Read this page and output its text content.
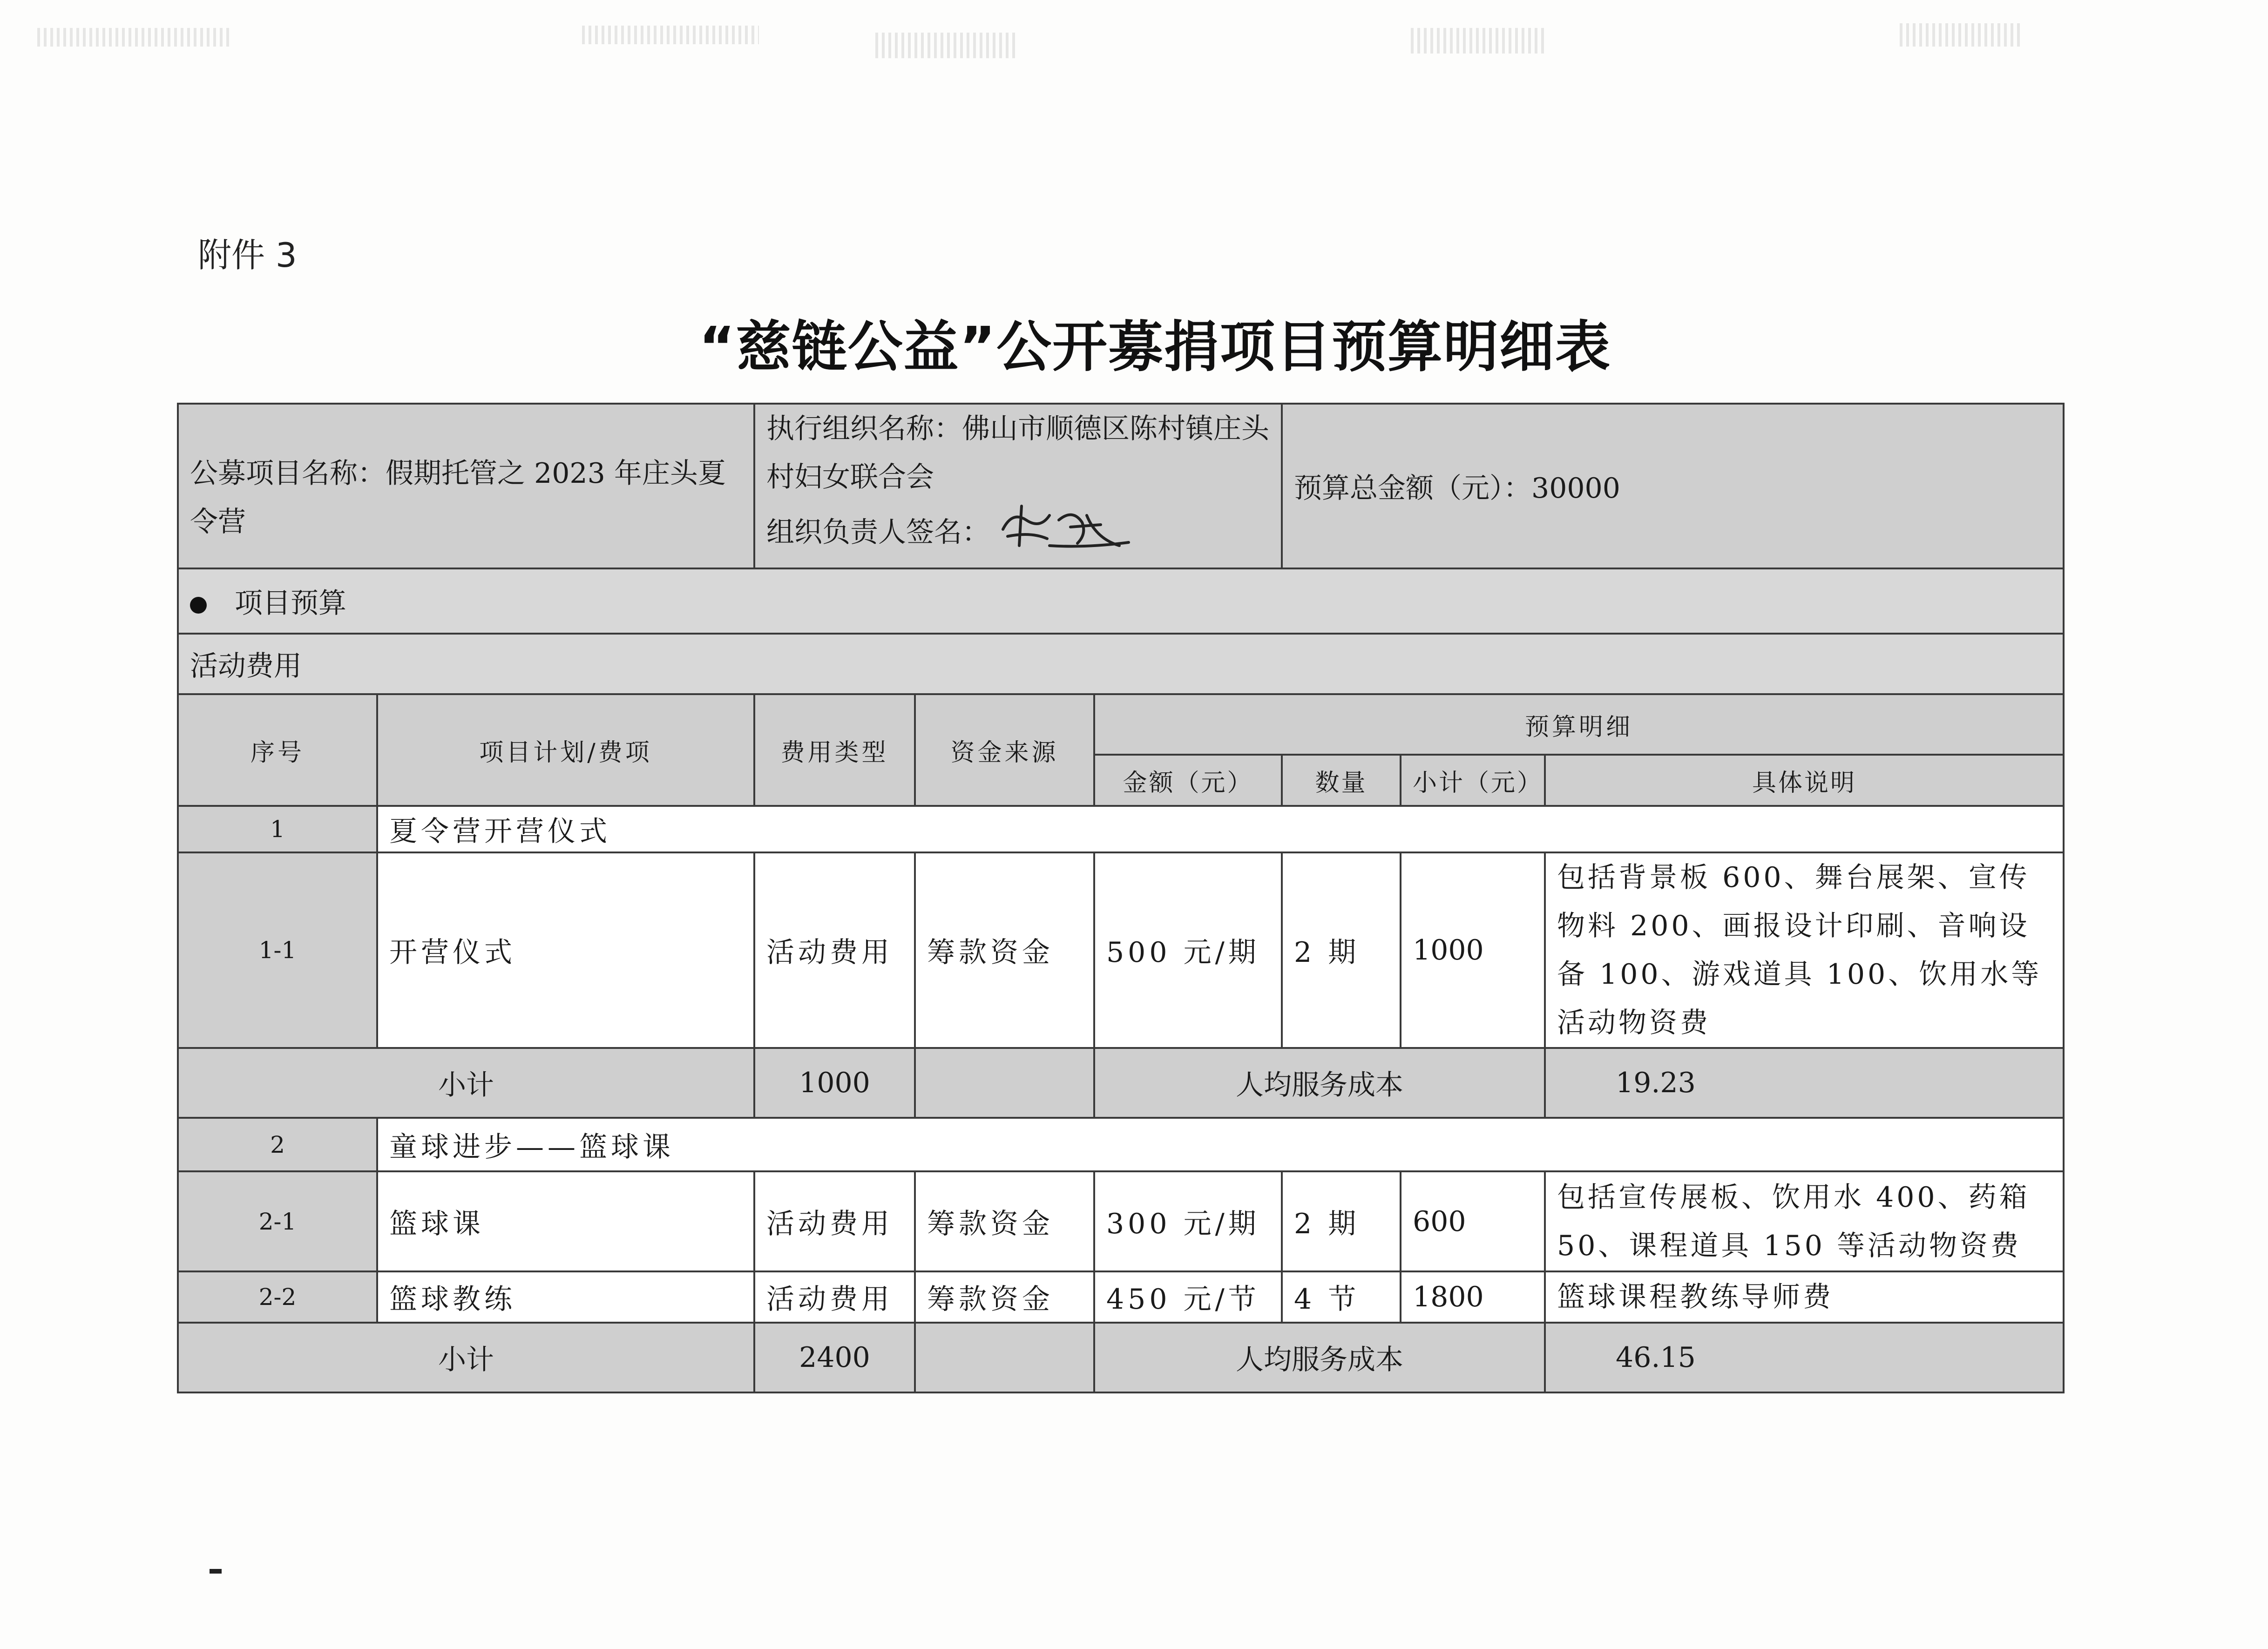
附件 3
“慈链公益”公开募捐项目预算明细表
公募项目名称：假期托管之 2023 年庄头夏令营		执行组织名称：佛山市顺德区陈村镇庄头村妇女联合会
组织负责人签名：			预算总金额（元）：30000		
项目预算							
活动费用							
序号	项目计划/费项	费用类型	资金来源	预算明细			
				金额（元）	数量	小计（元）	具体说明
1	夏令营开营仪式						
1-1	开营仪式	活动费用	筹款资金	500 元/期	2 期	1000	包括背景板 600、舞台展架、宣传物料 200、画报设计印刷、音响设备 100、游戏道具 100、饮用水等活动物资费
小计		1000		人均服务成本			19.23
2	童球进步——篮球课						
2-1	篮球课	活动费用	筹款资金	300 元/期	2 期	600	包括宣传展板、饮用水 400、药箱 50、课程道具 150 等活动物资费
2-2	篮球教练	活动费用	筹款资金	450 元/节	4 节	1800	篮球课程教练导师费
小计		2400		人均服务成本			46.15
